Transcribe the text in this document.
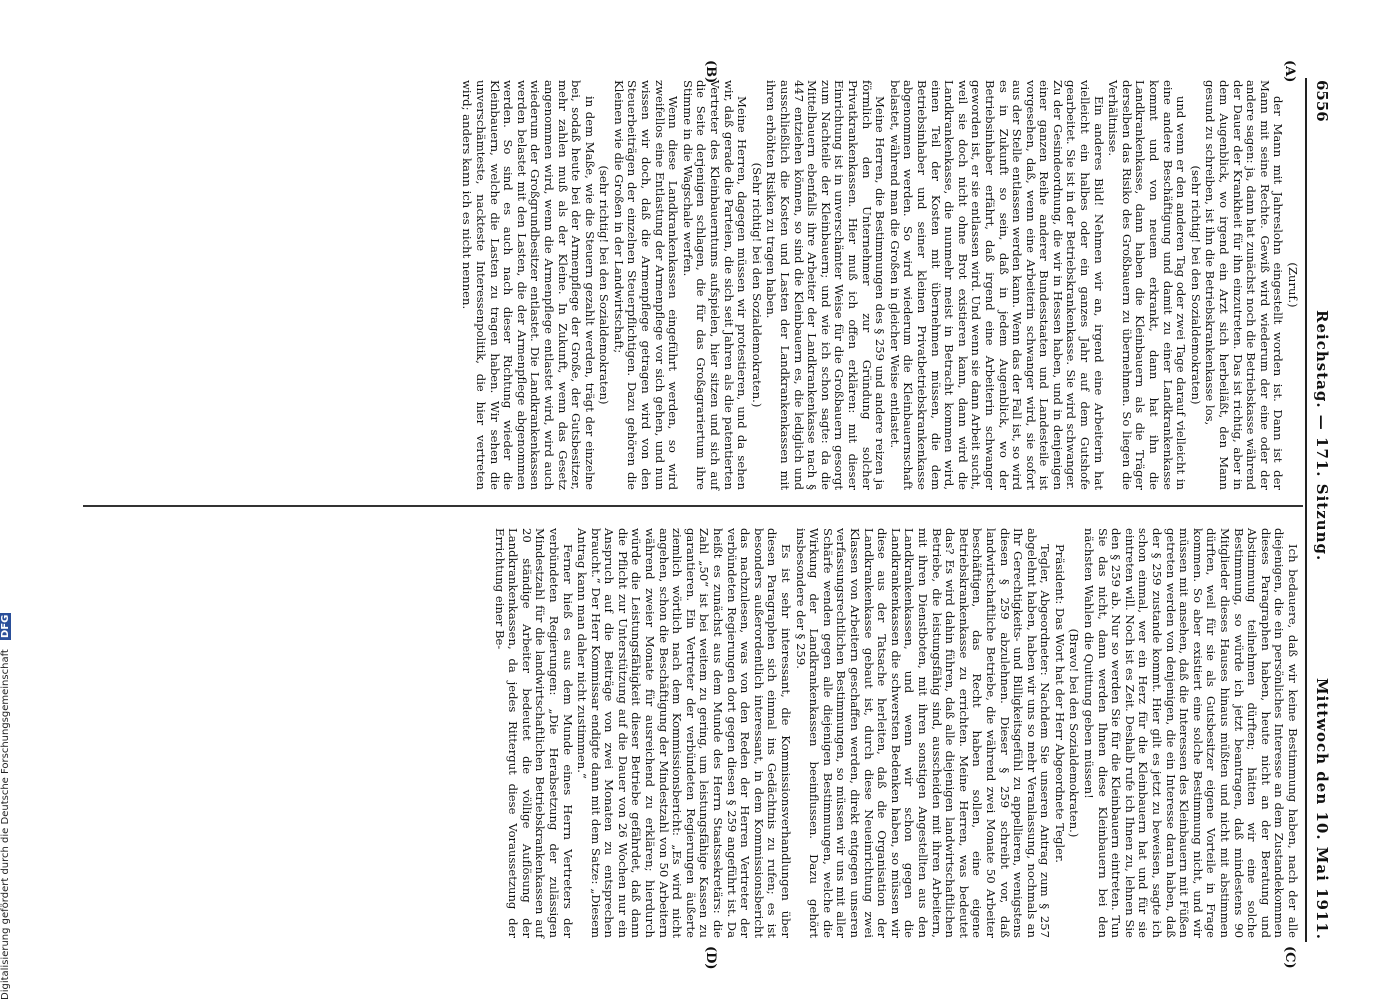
6556
Reichstag. — 171. Sitzung.
Mittwoch den 10. Mai 1911.
(A)
(B)
(C)
(D)

(Zuruf.)

der Mann mit Jahreslohn eingestellt worden ist. Dann ist der Mann mit seine Rechte. Gewiß wird wiederum der eine oder der andere sagen: ja, dann hat zunächst noch die Betriebskasse während der Dauer der Krankheit für ihn einzutreten. Das ist richtig, aber in dem Augenblick, wo irgend ein Arzt sich herbeiläßt, den Mann gesund zu schreiben, ist ihn die Betriebskrankenkasse los,

(sehr richtig! bei den Sozialdemokraten)

und wenn er den anderen Tag oder zwei Tage darauf vielleicht in eine andere Beschäftigung und damit zu einer Landkrankenkasse kommt und von neuem erkrankt, dann hat ihn die Landkrankenkasse, dann haben die Kleinbauern als die Träger derselben das Risiko des Großbauern zu übernehmen. So liegen die Verhältnisse.

Ein anderes Bild! Nehmen wir an, irgend eine Arbeiterin hat vielleicht ein halbes oder ein ganzes Jahr auf dem Gutshofe gearbeitet. Sie ist in der Betriebskrankenkasse. Sie wird schwanger. Zu der Gesindeordnung, die wir in Hessen haben, und in denjenigen einer ganzen Reihe anderer Bundesstaaten und Landesteile ist vorgesehen, daß, wenn eine Arbeiterin schwanger wird, sie sofort aus der Stelle entlassen werden kann. Wenn das der Fall ist, so wird es in Zukunft so sein, daß in jedem Augenblick, wo der Betriebsinhaber erfährt, daß irgend eine Arbeiterin schwanger geworden ist, er sie entlassen wird. Und wenn sie dann Arbeit sucht, weil sie doch nicht ohne Brot existieren kann, dann wird die Landkrankenkasse, die nunmehr meist in Betracht kommen wird, einen Teil der Kosten mit übernehmen müssen, die dem Betriebsinhaber und seiner kleinen Privatbetriebskrankenkasse abgenommen werden. So wird wiederum die Kleinbauernschaft belastet, während man die Großen in gleicher Weise entlastet.

Meine Herren, die Bestimmungen des § 259 und andere reizen ja förmlich den Unternehmer zur Gründung solcher Privatkrankenkassen. Hier muß ich offen erklären: mit dieser Einrichtung ist in unverschämter Weise für die Großbauern gesorgt zum Nachteile der Kleinbauern; und wie ich schon sagte: da die Mittelbauern ebenfalls ihre Arbeiter der Landkrankenkasse nach § 447 entziehen können, so sind die Kleinbauern es, die lediglich und ausschließlich die Kosten und Lasten der Landkrankenkassen mit ihren erhöhten Risiken zu tragen haben.

(Sehr richtig! bei den Sozialdemokraten.)

Meine Herren, dagegen müssen wir protestieren, und da sehen wir, daß gerade die Parteien, die sich seit Jahren als die patentierten Vertreter des Kleinbauerntums aufspielen, hier sitzen und sich auf die Seite derjenigen schlagen, die für das Großagrariertum ihre Stimme in die Wagschale werfen.

Wenn diese Landkrankenkassen eingeführt werden, so wird zweifellos eine Entlastung der Armenpflege vor sich gehen, und nun wissen wir doch, daß die Armenpflege getragen wird von den Steuerbeiträgen der einzelnen Steuerpflichtigen. Dazu gehören die Kleinen wie die Großen in der Landwirtschaft;

(sehr richtig! bei den Sozialdemokraten)

in dem Maße, wie die Steuern gezahlt werden, trägt der einzelne bei, sodaß heute bei der Armenpflege der Große, der Gutsbesitzer, mehr zahlen muß als der Kleine. In Zukunft, wenn das Gesetz angenommen wird, wenn die Armenpflege entlastet wird, wird auch wiederum der Großgrundbesitzer entlastet. Die Landkrankenkassen werden belastet mit den Lasten, die der Armenpflege abgenommen werden. So sind es auch nach dieser Richtung wieder die Kleinbauern, welche die Lasten zu tragen haben. Wir sehen die unverschämteste, nackteste Interessenpolitik, die hier vertreten wird; anders kann ich es nicht nennen.

Ich bedauere, daß wir keine Bestimmung haben, nach der alle diejenigen, die ein persönliches Interesse an dem Zustandekommen dieses Paragraphen haben, heute nicht an der Beratung und Abstimmung teilnehmen dürften; hätten wir eine solche Bestimmung, so würde ich jetzt beantragen, daß mindestens 90 Mitglieder dieses Hauses hinaus müßten und nicht mit abstimmen dürften, weil für sie als Gutsbesitzer eigene Vorteile in Frage kommen. So aber existiert eine solche Bestimmung nicht, und wir müssen mit ansehen, daß die Interessen des Kleinbauern mit Füßen getreten werden von denjenigen, die ein Interesse daran haben, daß der § 259 zustande kommt. Hier gilt es jetzt zu beweisen, sagte ich schon einmal, wer ein Herz für die Kleinbauern hat und für sie eintreten will. Noch ist es Zeit. Deshalb rufe ich Ihnen zu, lehnen Sie den § 259 ab. Nur so werden Sie für die Kleinbauern eintreten. Tun Sie das nicht, dann werden Ihnen diese Kleinbauern bei den nächsten Wahlen die Quittung geben müssen!

(Bravo! bei den Sozialdemokraten.)

Präsident: Das Wort hat der Herr Abgeordnete Tegler.

Tegler, Abgeordneter: Nachdem Sie unseren Antrag zum § 257 abgelehnt haben, haben wir uns so mehr Veranlassung, nochmals an Ihr Gerechtigkeits- und Billigkeitsgefühl zu appellieren, wenigstens diesen § 259 abzulehnen. Dieser § 259 schreibt vor, daß landwirtschaftliche Betriebe, die während zwei Monate 50 Arbeiter beschäftigen, das Recht haben sollen, eine eigene Betriebskrankenkasse zu errichten. Meine Herren, was bedeutet das? Es wird dahin führen, daß alle diejenigen landwirtschaftlichen Betriebe, die leistungsfähig sind, ausscheiden mit ihren Arbeitern, mit ihren Dienstboten, mit ihren sonstigen Angestellten aus den Landkrankenkassen, und wenn wir schon gegen die Landkrankenkassen die schwersten Bedenken haben, so müssen wir diese aus der Tatsache herleiten, daß die Organisation der Landkrankenkasse gebaut ist, durch diese Neueinrichtung zwei Klassen von Arbeitern geschaffen werden, direkt entgegen unseren verfassungsrechtlichen Bestimmungen, so müssen wir uns mit aller Schärfe wenden gegen alle diejenigen Bestimmungen, welche die Wirkung der Landkrankenkassen beeinflussen. Dazu gehört insbesondere der § 259.

Es ist sehr interessant, die Kommissionsverhandlungen über diesen Paragraphen sich einmal ins Gedächtnis zu rufen; es ist besonders außerordentlich interessant, in dem Kommissionsbericht das nachzulesen, was von den Reden der Herren Vertreter der verbündeten Regierungen dort gegen diesen § 259 angeführt ist. Da heißt es zunächst aus dem Munde des Herrn Staatssekretärs: die Zahl „50“ ist bei weitem zu gering, um leistungsfähige Kassen zu garantieren. Ein Vertreter der verbündeten Regierungen äußerte ziemlich wörtlich nach dem Kommissionsbericht: „Es wird nicht angehen, schon die Beschäftigung der Mindestzahl von 50 Arbeitern während zweier Monate für ausreichend zu erklären; hierdurch würde die Leistungsfähigkeit dieser Betriebe gefährdet, daß dann die Pflicht zur Unterstützung auf die Dauer von 26 Wochen nur ein Anspruch auf die Beiträge von zwei Monaten zu entsprechen braucht.“ Der Herr Kommissar endigte dann mit dem Satze: „Diesem Antrag kann man daher nicht zustimmen.“

Ferner hieß es aus dem Munde eines Herrn Vertreters der verbündeten Regierungen: „Die Herabsetzung der zulässigen Mindestzahl für die landwirtschaftlichen Betriebskrankenkassen auf 20 ständige Arbeiter bedeutet die völlige Auflösung der Landkrankenkassen, da jedes Rittergut diese Voraussetzung der Errichtung einer Be-

Digitalisierung gefördert durch die Deutsche Forschungsgemeinschaft DFG
